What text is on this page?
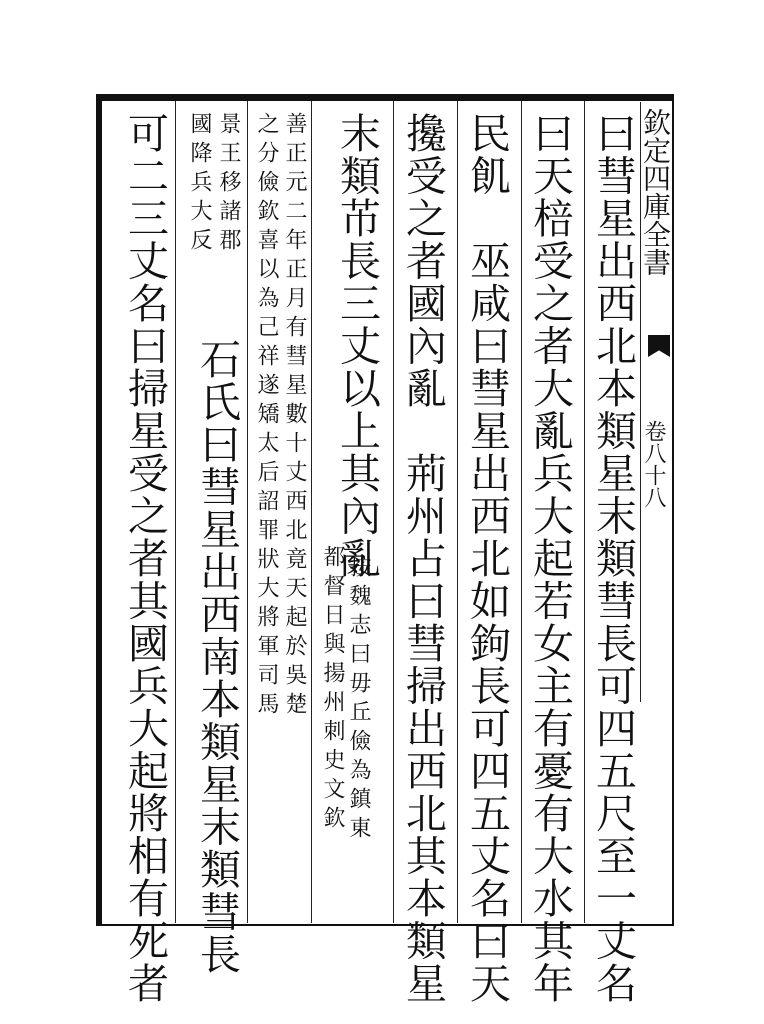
欽定四庫全書
卷八十八
曰彗星出西北本類星末類彗長可四五尺至一丈名
曰天棓受之者大亂兵大起若女主有憂有大水其年
民飢　巫咸曰彗星出西北如鉤長可四五丈名曰天
攙受之者國內亂　荊州占曰彗掃出西北其本類星
末類芇長三丈以上其內亂
按魏志曰毋丘儉為鎮東
都督日與揚州刺史文欽
善正元二年正月有彗星數十丈西北竟天起於吳楚
之分儉欽喜以為己祥遂矯太后詔罪狀大將軍司馬
景王移諸郡
國降兵大反
石氏曰彗星出西南本類星末類彗長
可二三丈名曰掃星受之者其國兵大起將相有死者
